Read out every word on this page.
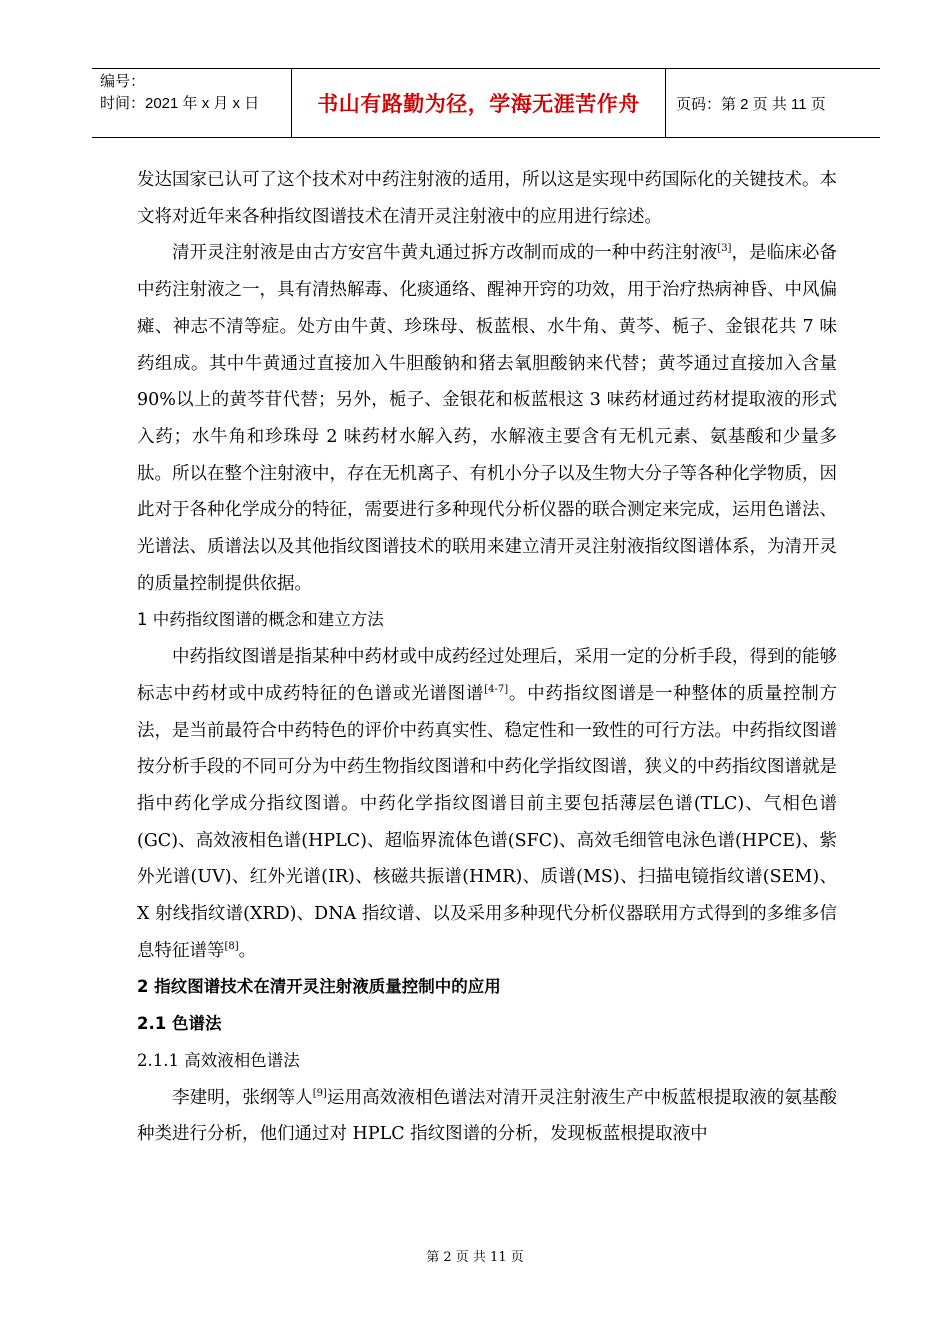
编号：
时间：2021 年 x 月 x 日	书山有路勤为径，学海无涯苦作舟	页码：第 2 页 共 11 页

发达国家已认可了这个技术对中药注射液的适用，所以这是实现中药国际化的关键技术。本文将对近年来各种指纹图谱技术在清开灵注射液中的应用进行综述。

清开灵注射液是由古方安宫牛黄丸通过拆方改制而成的一种中药注射液[3]，是临床必备中药注射液之一，具有清热解毒、化痰通络、醒神开窍的功效，用于治疗热病神昏、中风偏瘫、神志不清等症。处方由牛黄、珍珠母、板蓝根、水牛角、黄芩、栀子、金银花共 7 味药组成。其中牛黄通过直接加入牛胆酸钠和猪去氧胆酸钠来代替；黄芩通过直接加入含量 90%以上的黄芩苷代替；另外，栀子、金银花和板蓝根这 3 味药材通过药材提取液的形式入药；水牛角和珍珠母 2 味药材水解入药，水解液主要含有无机元素、氨基酸和少量多肽。所以在整个注射液中，存在无机离子、有机小分子以及生物大分子等各种化学物质，因此对于各种化学成分的特征，需要进行多种现代分析仪器的联合测定来完成，运用色谱法、光谱法、质谱法以及其他指纹图谱技术的联用来建立清开灵注射液指纹图谱体系，为清开灵的质量控制提供依据。

1 中药指纹图谱的概念和建立方法

中药指纹图谱是指某种中药材或中成药经过处理后，采用一定的分析手段，得到的能够标志中药材或中成药特征的色谱或光谱图谱[4-7]。中药指纹图谱是一种整体的质量控制方法，是当前最符合中药特色的评价中药真实性、稳定性和一致性的可行方法。中药指纹图谱按分析手段的不同可分为中药生物指纹图谱和中药化学指纹图谱，狭义的中药指纹图谱就是指中药化学成分指纹图谱。中药化学指纹图谱目前主要包括薄层色谱(TLC)、气相色谱(GC)、高效液相色谱(HPLC)、超临界流体色谱(SFC)、高效毛细管电泳色谱(HPCE)、紫外光谱(UV)、红外光谱(IR)、核磁共振谱(HMR)、质谱(MS)、扫描电镜指纹谱(SEM)、X 射线指纹谱(XRD)、DNA 指纹谱、以及采用多种现代分析仪器联用方式得到的多维多信息特征谱等[8]。

2 指纹图谱技术在清开灵注射液质量控制中的应用

2.1 色谱法

2.1.1 高效液相色谱法

李建明，张纲等人[9]运用高效液相色谱法对清开灵注射液生产中板蓝根提取液的氨基酸种类进行分析，他们通过对 HPLC 指纹图谱的分析，发现板蓝根提取液中

第 2 页 共 11 页
